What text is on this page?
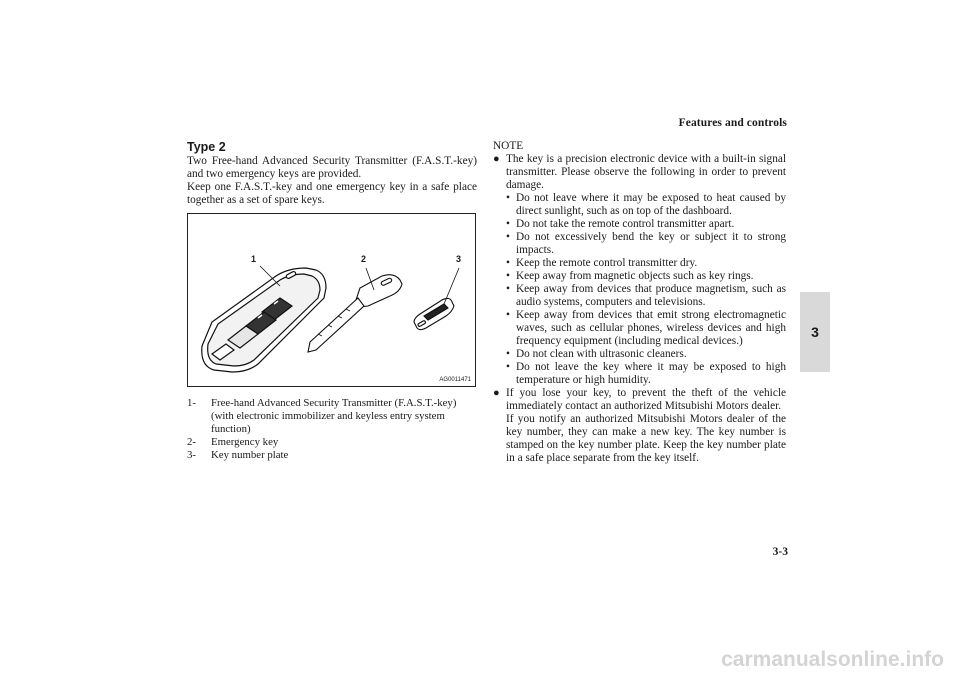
Features and controls
3
Type 2

Two Free-hand Advanced Security Transmitter (F.A.S.T.-key) and two emergency keys are provided.

Keep one F.A.S.T.-key and one emergency key in a safe place together as a set of spare keys.

1	2	3
AG0011471
1-	Free-hand Advanced Security Transmitter (F.A.S.T.-key) (with electronic immobilizer and keyless entry system function)
2-	Emergency key
3-	Key number plate
NOTE
● The key is a precision electronic device with a built-in signal transmitter. Please observe the following in order to prevent damage.
• Do not leave where it may be exposed to heat caused by direct sunlight, such as on top of the dashboard.
• Do not take the remote control transmitter apart.
• Do not excessively bend the key or subject it to strong impacts.
• Keep the remote control transmitter dry.
• Keep away from magnetic objects such as key rings.
• Keep away from devices that produce magnetism, such as audio systems, computers and televisions.
• Keep away from devices that emit strong electromagnetic waves, such as cellular phones, wireless devices and high frequency equipment (including medical devices.)
• Do not clean with ultrasonic cleaners.
• Do not leave the key where it may be exposed to high temperature or high humidity.
● If you lose your key, to prevent the theft of the vehicle immediately contact an authorized Mitsubishi Motors dealer.
If you notify an authorized Mitsubishi Motors dealer of the key number, they can make a new key. The key number is stamped on the key number plate. Keep the key number plate in a safe place separate from the key itself.
3-3
carmanualsonline.info
